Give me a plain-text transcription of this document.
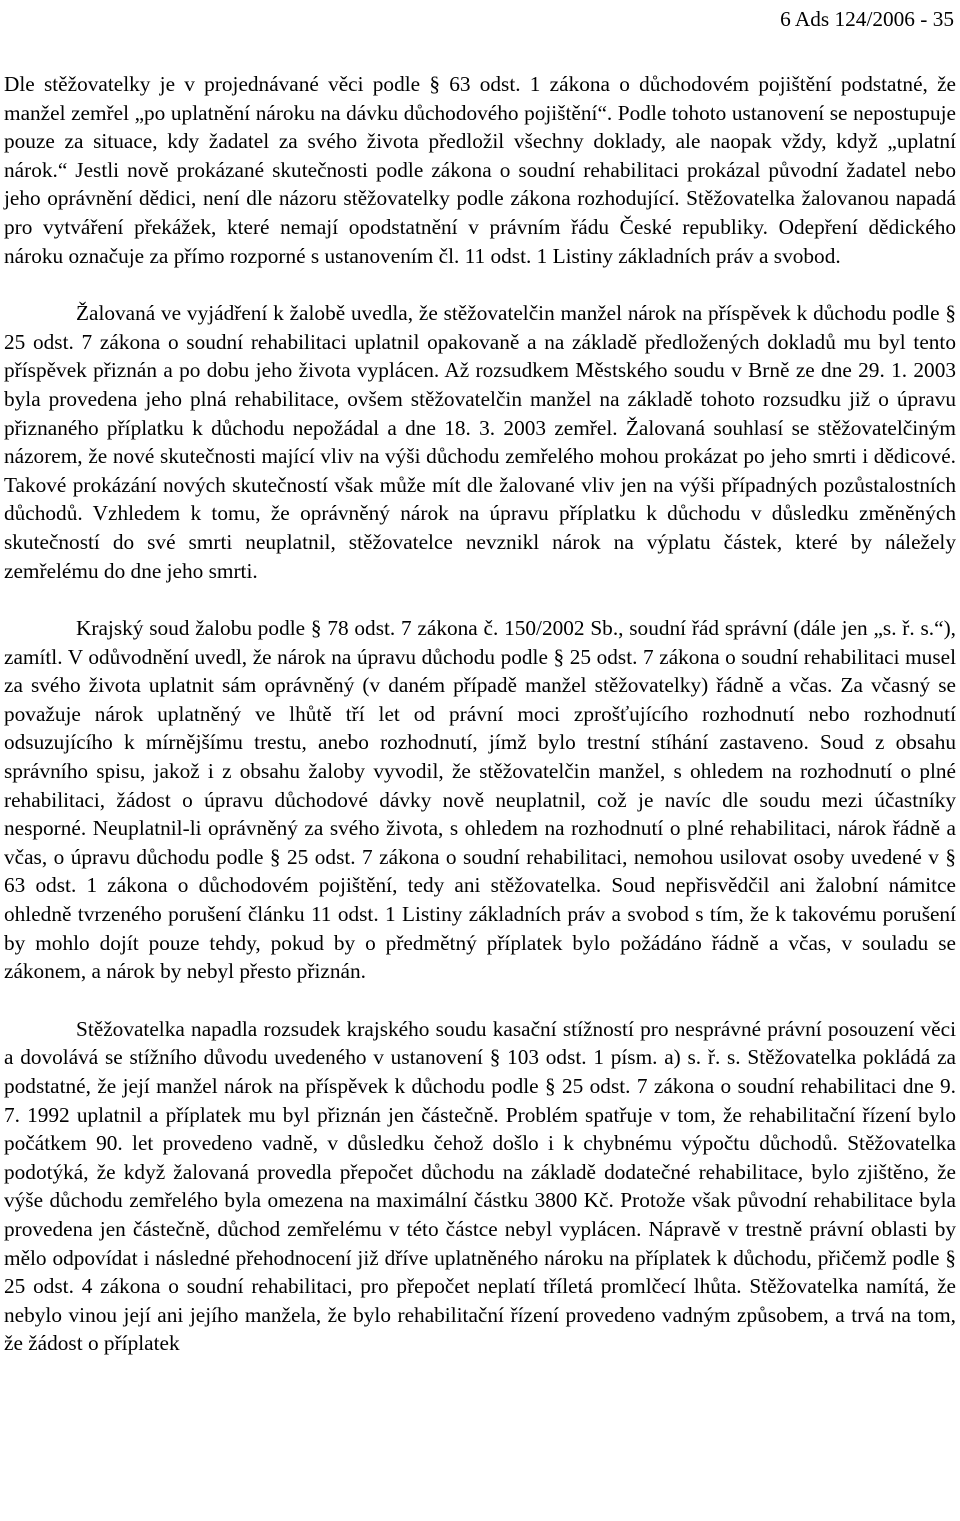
6 Ads 124/2006 - 35

Dle stěžovatelky je v projednávané věci podle § 63 odst. 1 zákona o důchodovém pojištění podstatné, že manžel zemřel „po uplatnění nároku na dávku důchodového pojištění“. Podle tohoto ustanovení se nepostupuje pouze za situace, kdy žadatel za svého života předložil všechny doklady, ale naopak vždy, když „uplatní nárok.“ Jestli nově prokázané skutečnosti podle zákona o soudní rehabilitaci prokázal původní žadatel nebo jeho oprávnění dědici, není dle názoru stěžovatelky podle zákona rozhodující. Stěžovatelka žalovanou napadá pro vytváření překážek, které nemají opodstatnění v právním řádu České republiky. Odepření dědického nároku označuje za přímo rozporné s ustanovením čl. 11 odst. 1 Listiny základních práv a svobod.

Žalovaná ve vyjádření k žalobě uvedla, že stěžovatelčin manžel nárok na příspěvek k důchodu podle § 25 odst. 7 zákona o soudní rehabilitaci uplatnil opakovaně a na základě předložených dokladů mu byl tento příspěvek přiznán a po dobu jeho života vyplácen. Až rozsudkem Městského soudu v Brně ze dne 29. 1. 2003 byla provedena jeho plná rehabilitace, ovšem stěžovatelčin manžel na základě tohoto rozsudku již o úpravu přiznaného příplatku k důchodu nepožádal a dne 18. 3. 2003 zemřel. Žalovaná souhlasí se stěžovatelčiným názorem, že nové skutečnosti mající vliv na výši důchodu zemřelého mohou prokázat po jeho smrti i dědicové. Takové prokázání nových skutečností však může mít dle žalované vliv jen na výši případných pozůstalostních důchodů. Vzhledem k tomu, že oprávněný nárok na úpravu příplatku k důchodu v důsledku změněných skutečností do své smrti neuplatnil, stěžovatelce nevznikl nárok na výplatu částek, které by náležely zemřelému do dne jeho smrti.

Krajský soud žalobu podle § 78 odst. 7 zákona č. 150/2002 Sb., soudní řád správní (dále jen „s. ř. s.“), zamítl. V odůvodnění uvedl, že nárok na úpravu důchodu podle § 25 odst. 7 zákona o soudní rehabilitaci musel za svého života uplatnit sám oprávněný (v daném případě manžel stěžovatelky) řádně a včas. Za včasný se považuje nárok uplatněný ve lhůtě tří let od právní moci zprošťujícího rozhodnutí nebo rozhodnutí odsuzujícího k mírnějšímu trestu, anebo rozhodnutí, jímž bylo trestní stíhání zastaveno. Soud z obsahu správního spisu, jakož i z obsahu žaloby vyvodil, že stěžovatelčin manžel, s ohledem na rozhodnutí o plné rehabilitaci, žádost o úpravu důchodové dávky nově neuplatnil, což je navíc dle soudu mezi účastníky nesporné. Neuplatnil-li oprávněný za svého života, s ohledem na rozhodnutí o plné rehabilitaci, nárok řádně a včas, o úpravu důchodu podle § 25 odst. 7 zákona o soudní rehabilitaci, nemohou usilovat osoby uvedené v § 63 odst. 1 zákona o důchodovém pojištění, tedy ani stěžovatelka. Soud nepřisvědčil ani žalobní námitce ohledně tvrzeného porušení článku 11 odst. 1 Listiny základních práv a svobod s tím, že k takovému porušení by mohlo dojít pouze tehdy, pokud by o předmětný příplatek bylo požádáno řádně a včas, v souladu se zákonem, a nárok by nebyl přesto přiznán.

Stěžovatelka napadla rozsudek krajského soudu kasační stížností pro nesprávné právní posouzení věci a dovolává se stížního důvodu uvedeného v ustanovení § 103 odst. 1 písm. a) s. ř. s. Stěžovatelka pokládá za podstatné, že její manžel nárok na příspěvek k důchodu podle § 25 odst. 7 zákona o soudní rehabilitaci dne 9. 7. 1992 uplatnil a příplatek mu byl přiznán jen částečně. Problém spatřuje v tom, že rehabilitační řízení bylo počátkem 90. let provedeno vadně, v důsledku čehož došlo i k chybnému výpočtu důchodů. Stěžovatelka podotýká, že když žalovaná provedla přepočet důchodu na základě dodatečné rehabilitace, bylo zjištěno, že výše důchodu zemřelého byla omezena na maximální částku 3800 Kč. Protože však původní rehabilitace byla provedena jen částečně, důchod zemřelému v této částce nebyl vyplácen. Nápravě v trestně právní oblasti by mělo odpovídat i následné přehodnocení již dříve uplatněného nároku na příplatek k důchodu, přičemž podle § 25 odst. 4 zákona o soudní rehabilitaci, pro přepočet neplatí tříletá promlčecí lhůta. Stěžovatelka namítá, že nebylo vinou její ani jejího manžela, že bylo rehabilitační řízení provedeno vadným způsobem, a trvá na tom, že žádost o příplatek
